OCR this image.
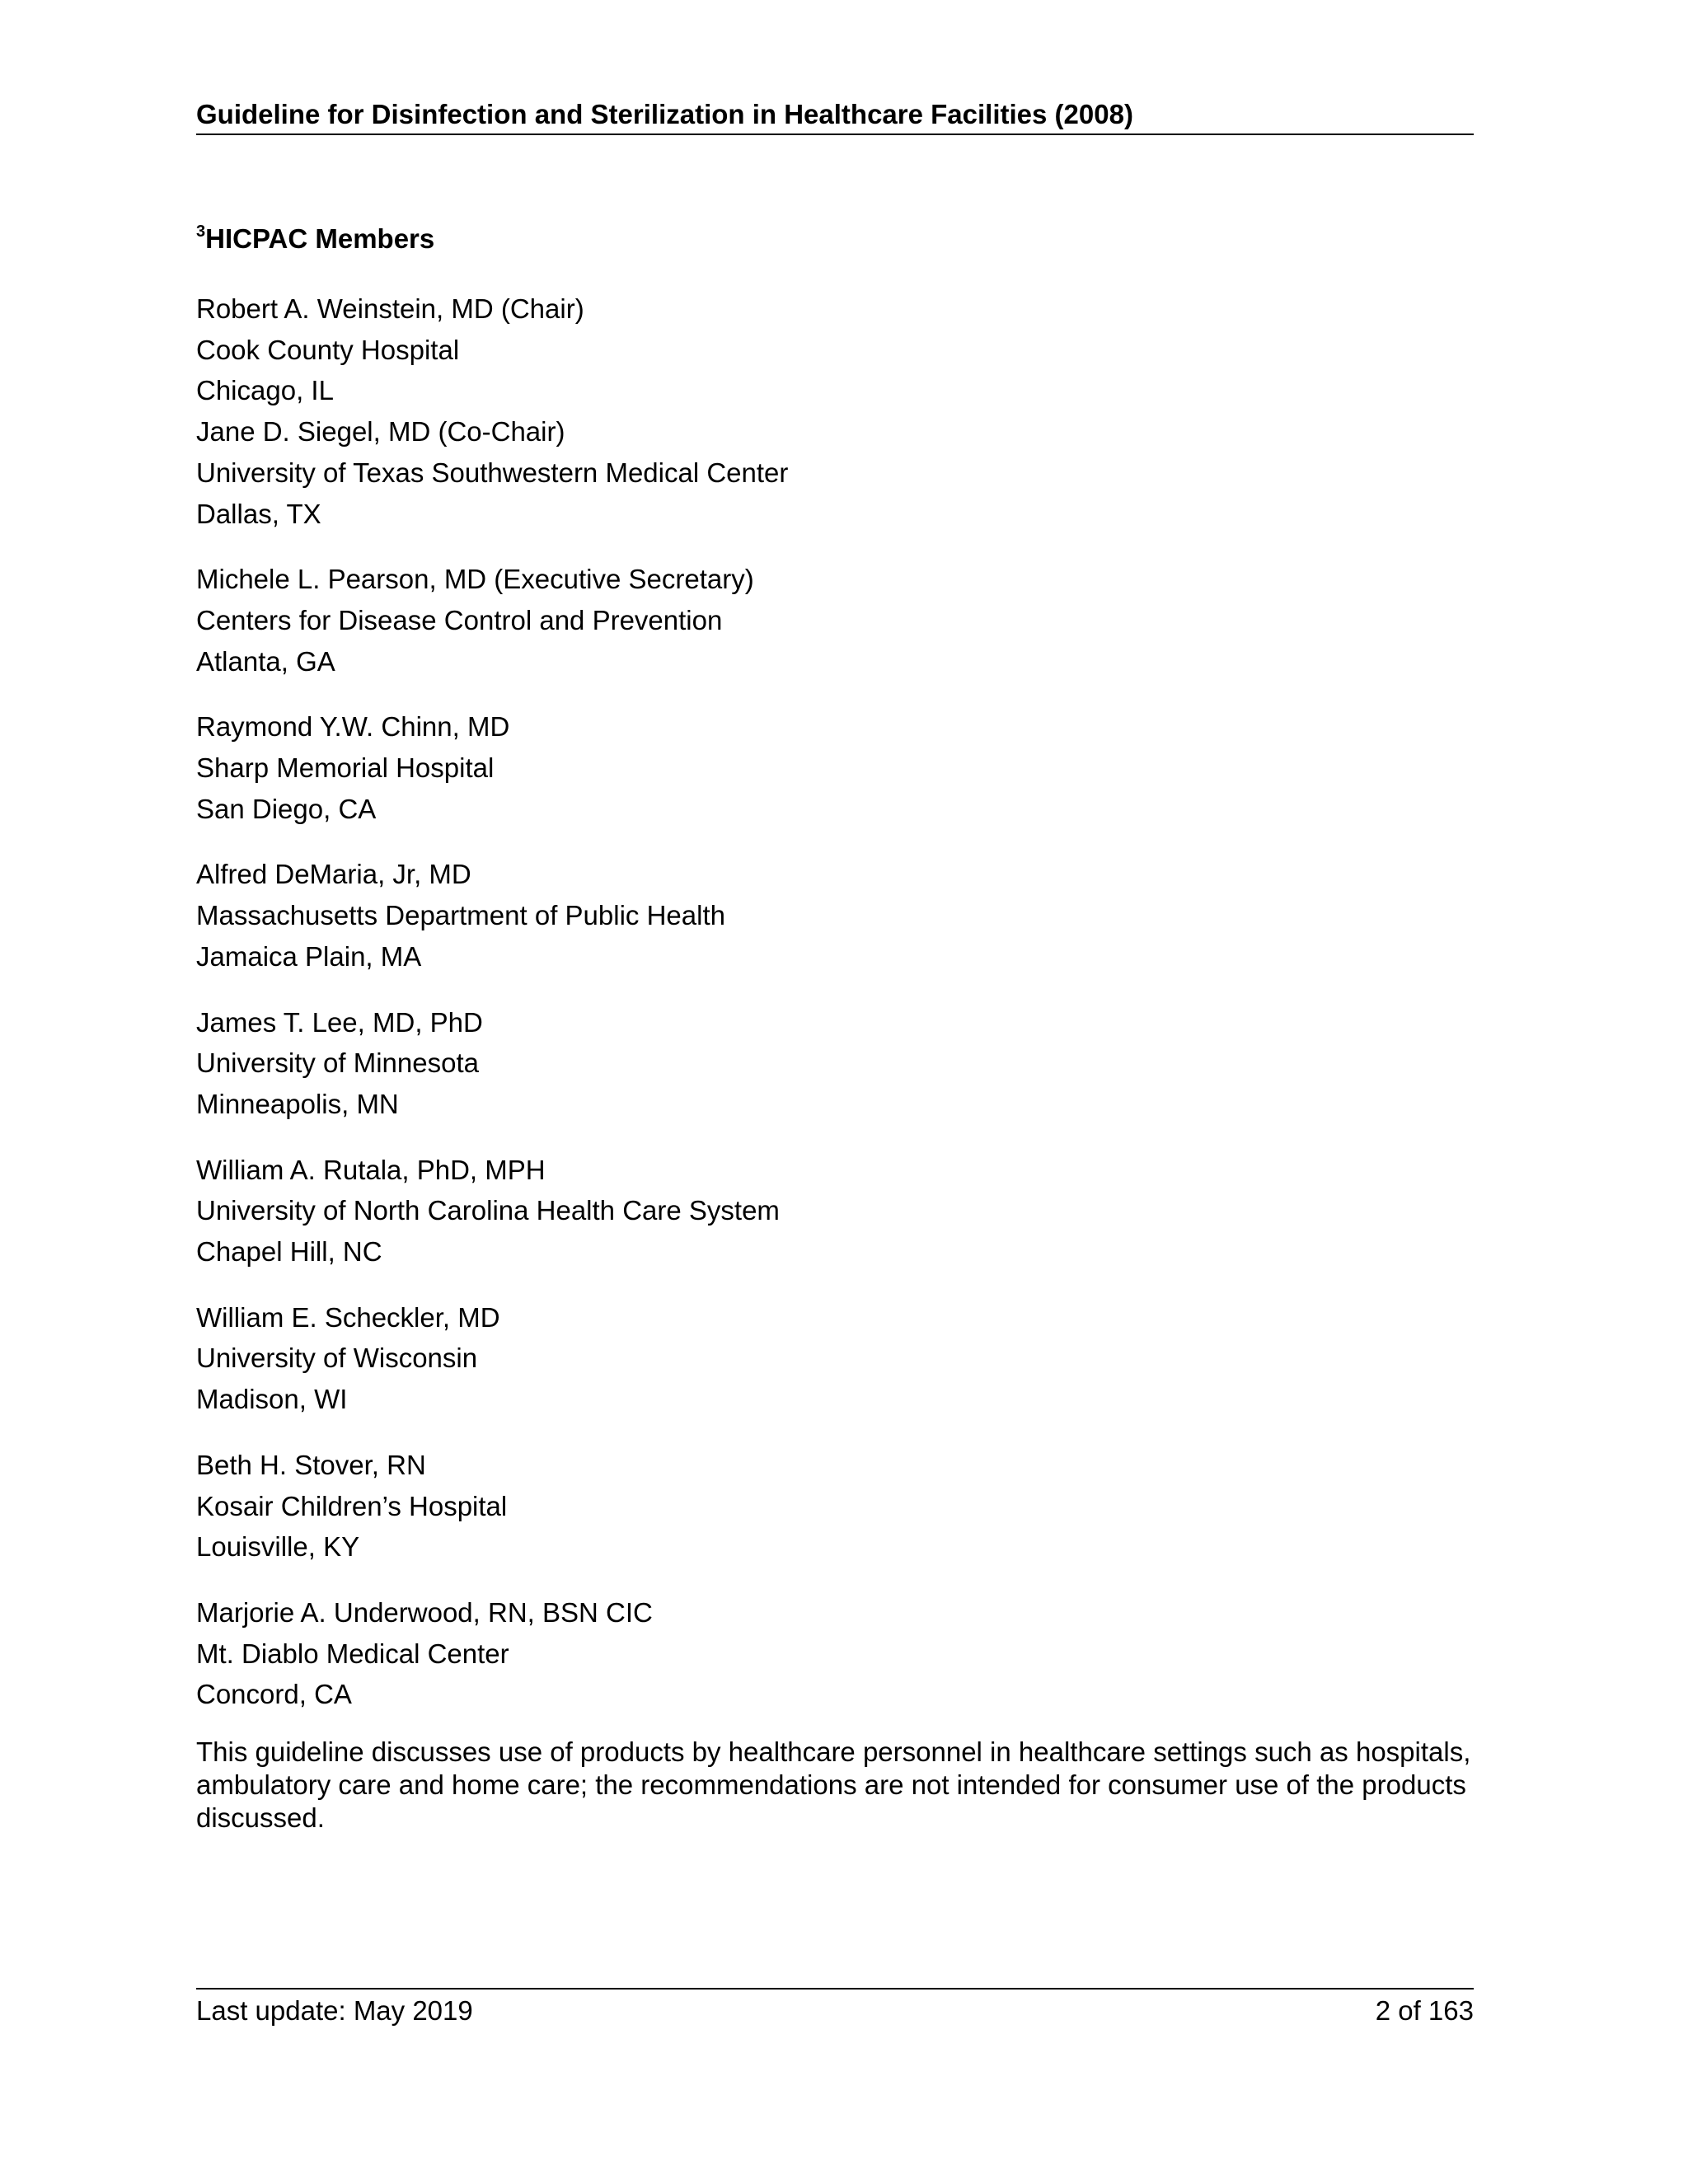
Guideline for Disinfection and Sterilization in Healthcare Facilities (2008)
$^3$HICPAC Members
Robert A. Weinstein, MD (Chair)
Cook County Hospital
Chicago, IL
Jane D. Siegel, MD (Co-Chair)
University of Texas Southwestern Medical Center
Dallas, TX
Michele L. Pearson, MD (Executive Secretary)
Centers for Disease Control and Prevention
Atlanta, GA
Raymond Y.W. Chinn, MD
Sharp Memorial Hospital
San Diego, CA
Alfred DeMaria, Jr, MD
Massachusetts Department of Public Health
Jamaica Plain, MA
James T. Lee, MD, PhD
University of Minnesota
Minneapolis, MN
William A. Rutala, PhD, MPH
University of North Carolina Health Care System
Chapel Hill, NC
William E. Scheckler, MD
University of Wisconsin
Madison, WI
Beth H. Stover, RN
Kosair Children’s Hospital
Louisville, KY
Marjorie A. Underwood, RN, BSN CIC
Mt. Diablo Medical Center
Concord, CA
This guideline discusses use of products by healthcare personnel in healthcare settings such as hospitals, ambulatory care and home care; the recommendations are not intended for consumer use of the products discussed.
Last update: May 2019	2 of 163
